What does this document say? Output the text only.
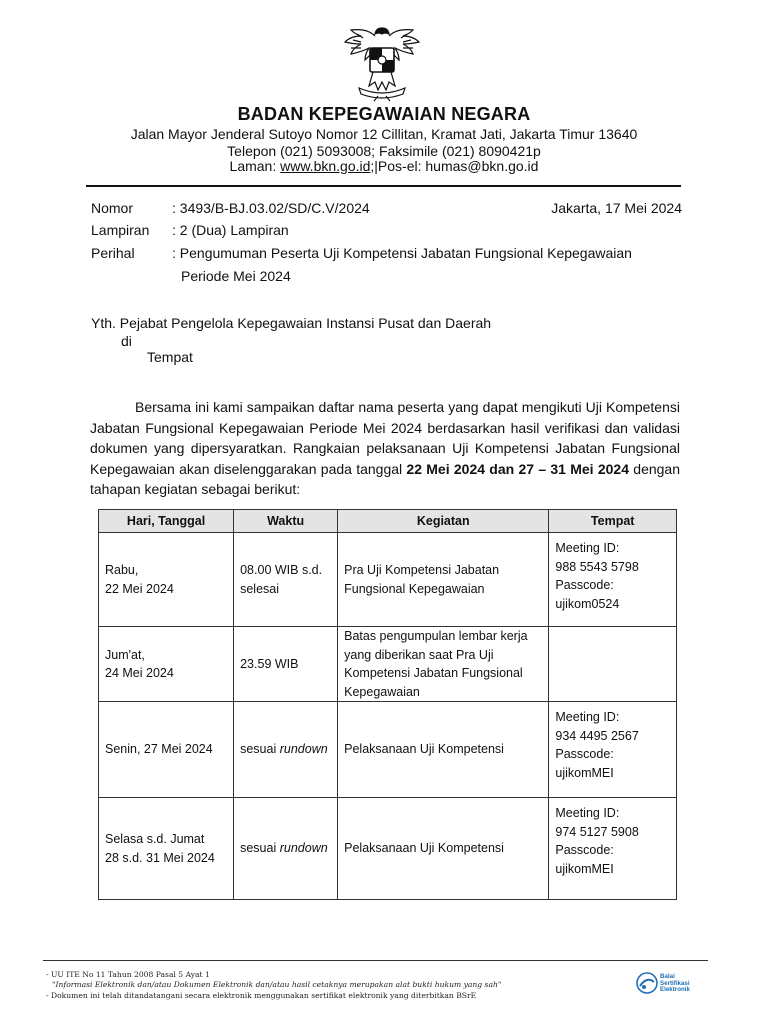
BADAN KEPEGAWAIAN NEGARA
Jalan Mayor Jenderal Sutoyo Nomor 12 Cillitan, Kramat Jati, Jakarta Timur 13640
Telepon (021) 5093008; Faksimile (021) 8090421p
Laman: www.bkn.go.id;|Pos-el: humas@bkn.go.id
Nomor	: 3493/B-BJ.03.02/SD/C.V/2024	Jakarta, 17 Mei 2024
Lampiran : 2 (Dua) Lampiran
Perihal	: Pengumuman Peserta Uji Kompetensi Jabatan Fungsional Kepegawaian
Periode Mei 2024
Yth. Pejabat Pengelola Kepegawaian Instansi Pusat dan Daerah
di
Tempat
Bersama ini kami sampaikan daftar nama peserta yang dapat mengikuti Uji Kompetensi Jabatan Fungsional Kepegawaian Periode Mei 2024 berdasarkan hasil verifikasi dan validasi dokumen yang dipersyaratkan. Rangkaian pelaksanaan Uji Kompetensi Jabatan Fungsional Kepegawaian akan diselenggarakan pada tanggal 22 Mei 2024 dan 27 – 31 Mei 2024 dengan tahapan kegiatan sebagai berikut:
Hari, Tanggal	Waktu	Kegiatan	Tempat
Rabu,
22 Mei 2024	08.00 WIB s.d.
selesai	Pra Uji Kompetensi Jabatan
Fungsional Kepegawaian	Meeting ID:
988 5543 5798
Passcode:
ujikom0524
Jum'at,
24 Mei 2024	23.59 WIB	Batas pengumpulan lembar kerja
yang diberikan saat Pra Uji
Kompetensi Jabatan Fungsional
Kepegawaian	
Senin, 27 Mei 2024	sesuai rundown	Pelaksanaan Uji Kompetensi	Meeting ID:
934 4495 2567
Passcode:
ujikomMEI
Selasa s.d. Jumat
28 s.d. 31 Mei 2024	sesuai rundown	Pelaksanaan Uji Kompetensi	Meeting ID:
974 5127 5908
Passcode:
ujikomMEI
- UU ITE No 11 Tahun 2008 Pasal 5 Ayat 1
"Informasi Elektronik dan/atau Dokumen Elektronik dan/atau hasil cetaknya merupakan alat bukti hukum yang sah"
- Dokumen ini telah ditandatangani secara elektronik menggunakan sertifikat elektronik yang diterbitkan BSrE
Balai
Sertifikasi
Elektronik
